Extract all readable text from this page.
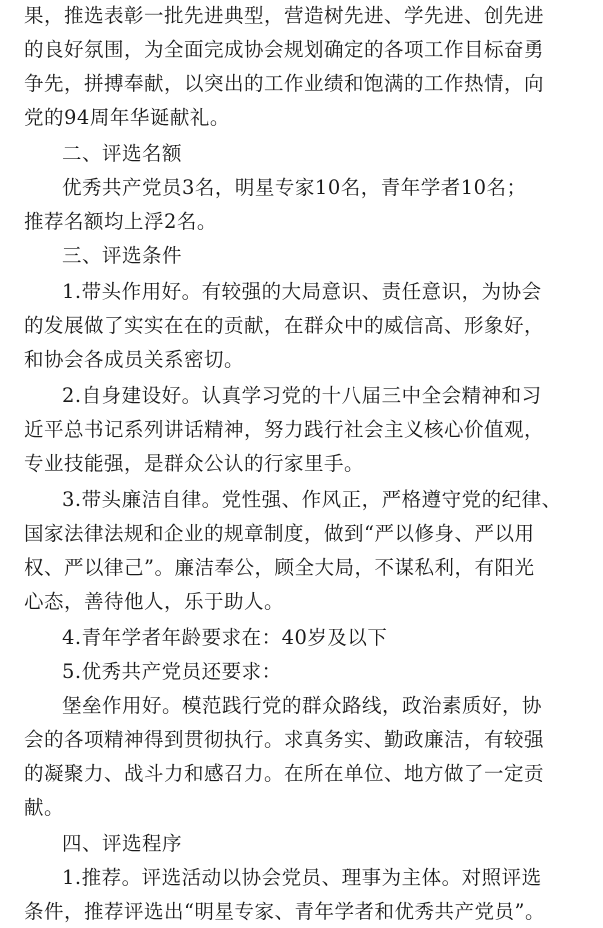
果，推选表彰一批先进典型，营造树先进、学先进、创先进
的良好氛围，为全面完成协会规划确定的各项工作目标奋勇
争先，拼搏奉献，以突出的工作业绩和饱满的工作热情，向
党的94周年华诞献礼。
二、评选名额
优秀共产党员3名，明星专家10名，青年学者10名；
推荐名额均上浮2名。
三、评选条件
1.带头作用好。有较强的大局意识、责任意识，为协会
的发展做了实实在在的贡献，在群众中的威信高、形象好，
和协会各成员关系密切。
2.自身建设好。认真学习党的十八届三中全会精神和习
近平总书记系列讲话精神，努力践行社会主义核心价值观，
专业技能强，是群众公认的行家里手。
3.带头廉洁自律。党性强、作风正，严格遵守党的纪律、
国家法律法规和企业的规章制度，做到“严以修身、严以用
权、严以律己”。廉洁奉公，顾全大局，不谋私利，有阳光
心态，善待他人，乐于助人。
4.青年学者年龄要求在：40岁及以下
5.优秀共产党员还要求：
堡垒作用好。模范践行党的群众路线，政治素质好，协
会的各项精神得到贯彻执行。求真务实、勤政廉洁，有较强
的凝聚力、战斗力和感召力。在所在单位、地方做了一定贡
献。
四、评选程序
1.推荐。评选活动以协会党员、理事为主体。对照评选
条件，推荐评选出“明星专家、青年学者和优秀共产党员”。
